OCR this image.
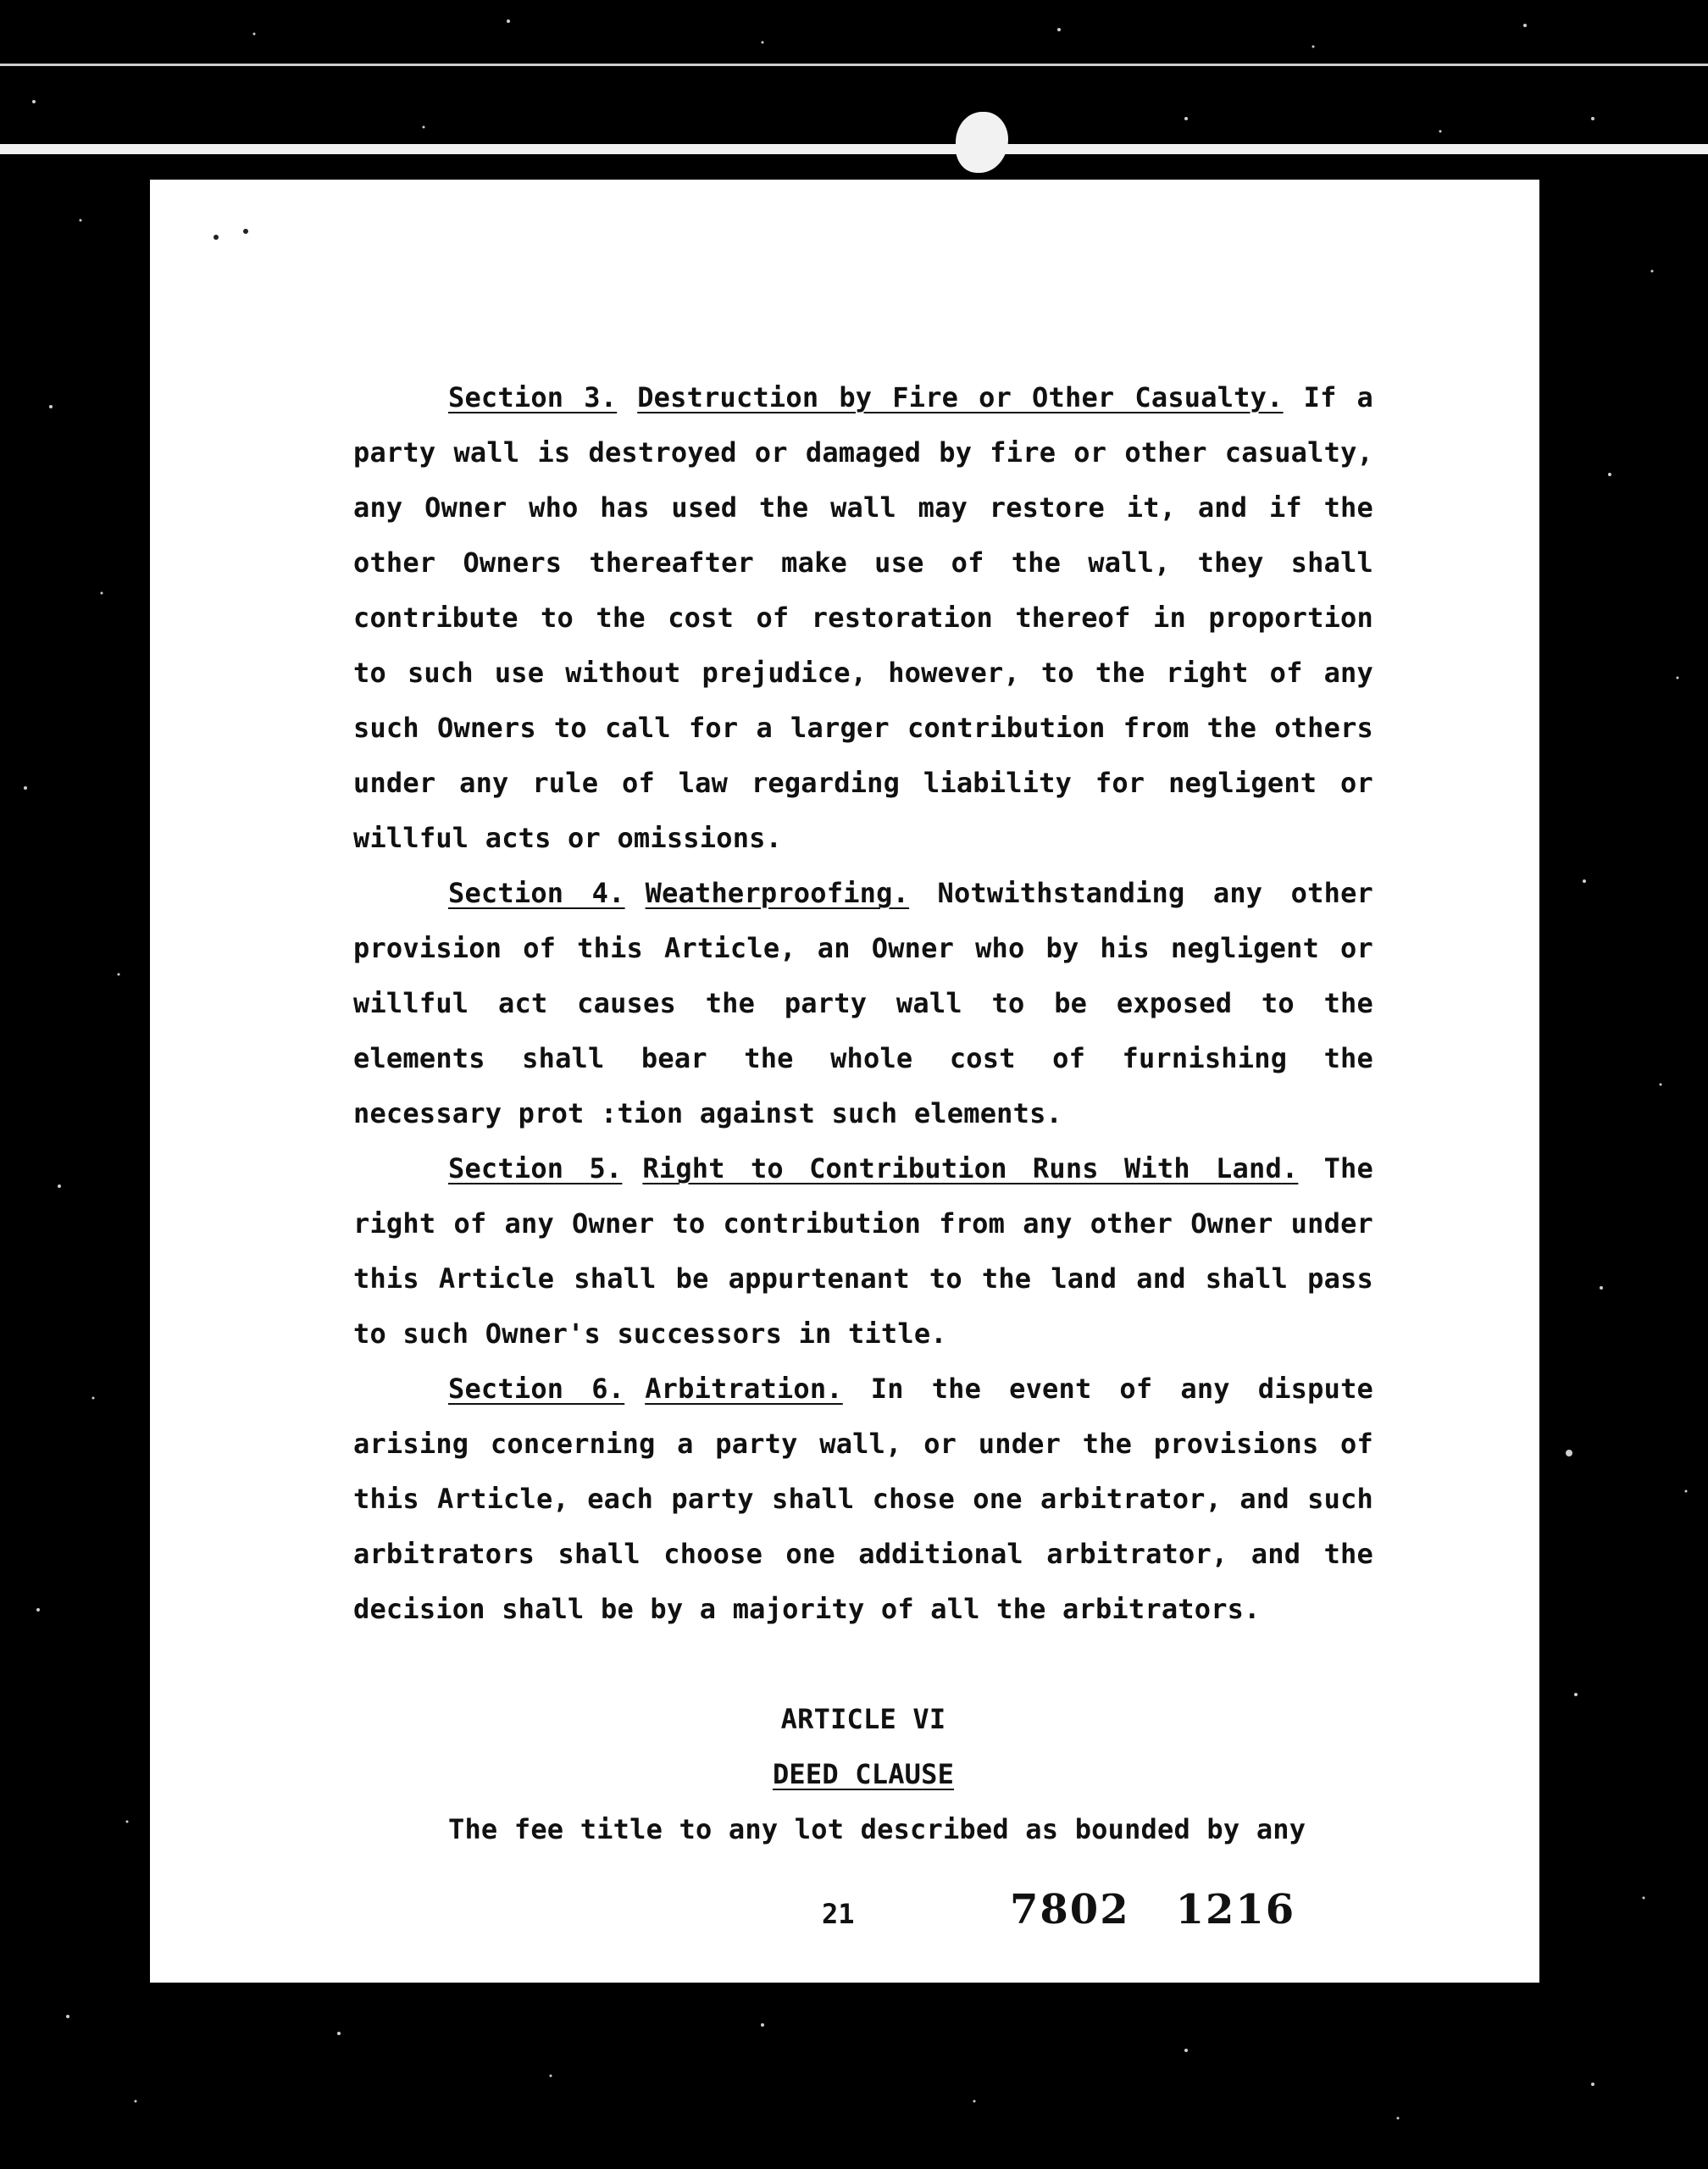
Section 3. Destruction by Fire or Other Casualty. If a party wall is destroyed or damaged by fire or other casualty, any Owner who has used the wall may restore it, and if the other Owners thereafter make use of the wall, they shall contribute to the cost of restoration thereof in proportion to such use without prejudice, however, to the right of any such Owners to call for a larger contribution from the others under any rule of law regarding liability for negligent or willful acts or omissions.

Section 4. Weatherproofing. Notwithstanding any other provision of this Article, an Owner who by his negligent or willful act causes the party wall to be exposed to the elements shall bear the whole cost of furnishing the necessary prot :tion against such elements.

Section 5. Right to Contribution Runs With Land. The right of any Owner to contribution from any other Owner under this Article shall be appurtenant to the land and shall pass to such Owner's successors in title.

Section 6. Arbitration. In the event of any dispute arising concerning a party wall, or under the provisions of this Article, each party shall chose one arbitrator, and such arbitrators shall choose one additional arbitrator, and the decision shall be by a majority of all the arbitrators.

ARTICLE VI

DEED CLAUSE

The fee title to any lot described as bounded by any

21	7802 1216
